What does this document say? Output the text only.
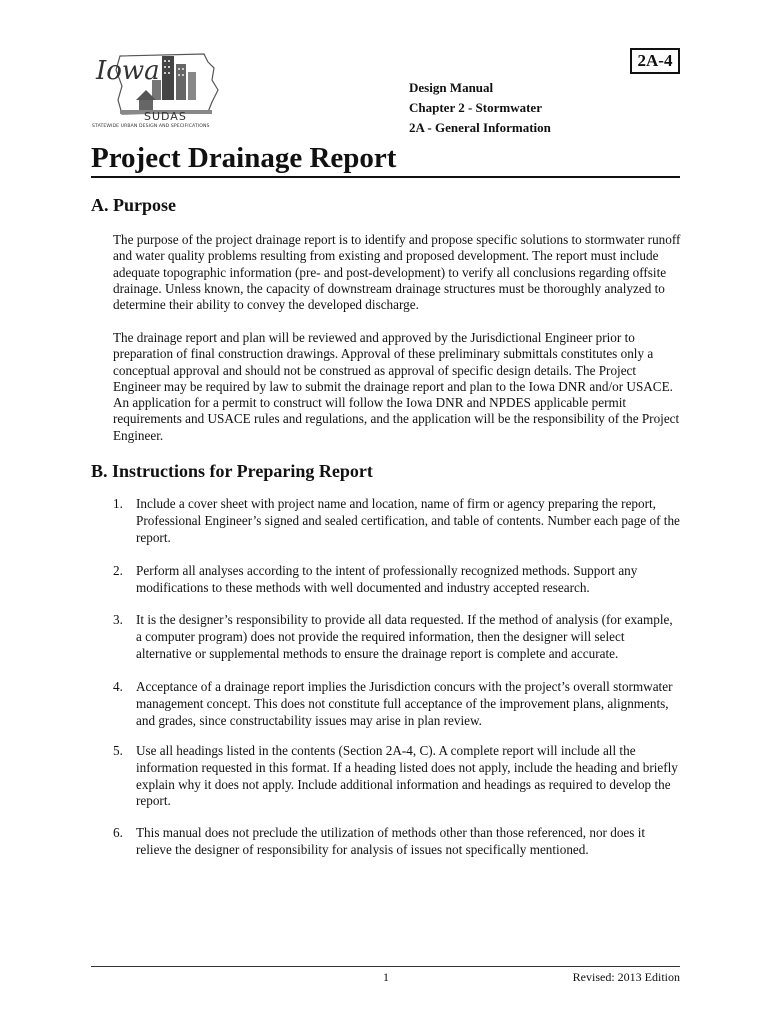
Iowa
SUDAS
STATEWIDE URBAN DESIGN AND SPECIFICATIONS
2A-4
Design Manual
Chapter 2 - Stormwater
2A - General Information
Project Drainage Report
A. Purpose

The purpose of the project drainage report is to identify and propose specific solutions to stormwater runoff and water quality problems resulting from existing and proposed development. The report must include adequate topographic information (pre- and post-development) to verify all conclusions regarding offsite drainage. Unless known, the capacity of downstream drainage structures must be thoroughly analyzed to determine their ability to convey the developed discharge.

The drainage report and plan will be reviewed and approved by the Jurisdictional Engineer prior to preparation of final construction drawings. Approval of these preliminary submittals constitutes only a conceptual approval and should not be construed as approval of specific design details. The Project Engineer may be required by law to submit the drainage report and plan to the Iowa DNR and/or USACE. An application for a permit to construct will follow the Iowa DNR and NPDES applicable permit requirements and USACE rules and regulations, and the application will be the responsibility of the Project Engineer.

B. Instructions for Preparing Report
1. Include a cover sheet with project name and location, name of firm or agency preparing the report, Professional Engineer’s signed and sealed certification, and table of contents. Number each page of the report.
2. Perform all analyses according to the intent of professionally recognized methods. Support any modifications to these methods with well documented and industry accepted research.
3. It is the designer’s responsibility to provide all data requested. If the method of analysis (for example, a computer program) does not provide the required information, then the designer will select alternative or supplemental methods to ensure the drainage report is complete and accurate.
4. Acceptance of a drainage report implies the Jurisdiction concurs with the project’s overall stormwater management concept. This does not constitute full acceptance of the improvement plans, alignments, and grades, since constructability issues may arise in plan review.
5. Use all headings listed in the contents (Section 2A-4, C). A complete report will include all the information requested in this format. If a heading listed does not apply, include the heading and briefly explain why it does not apply. Include additional information and headings as required to develop the report.
6. This manual does not preclude the utilization of methods other than those referenced, nor does it relieve the designer of responsibility for analysis of issues not specifically mentioned.
1	Revised: 2013 Edition
